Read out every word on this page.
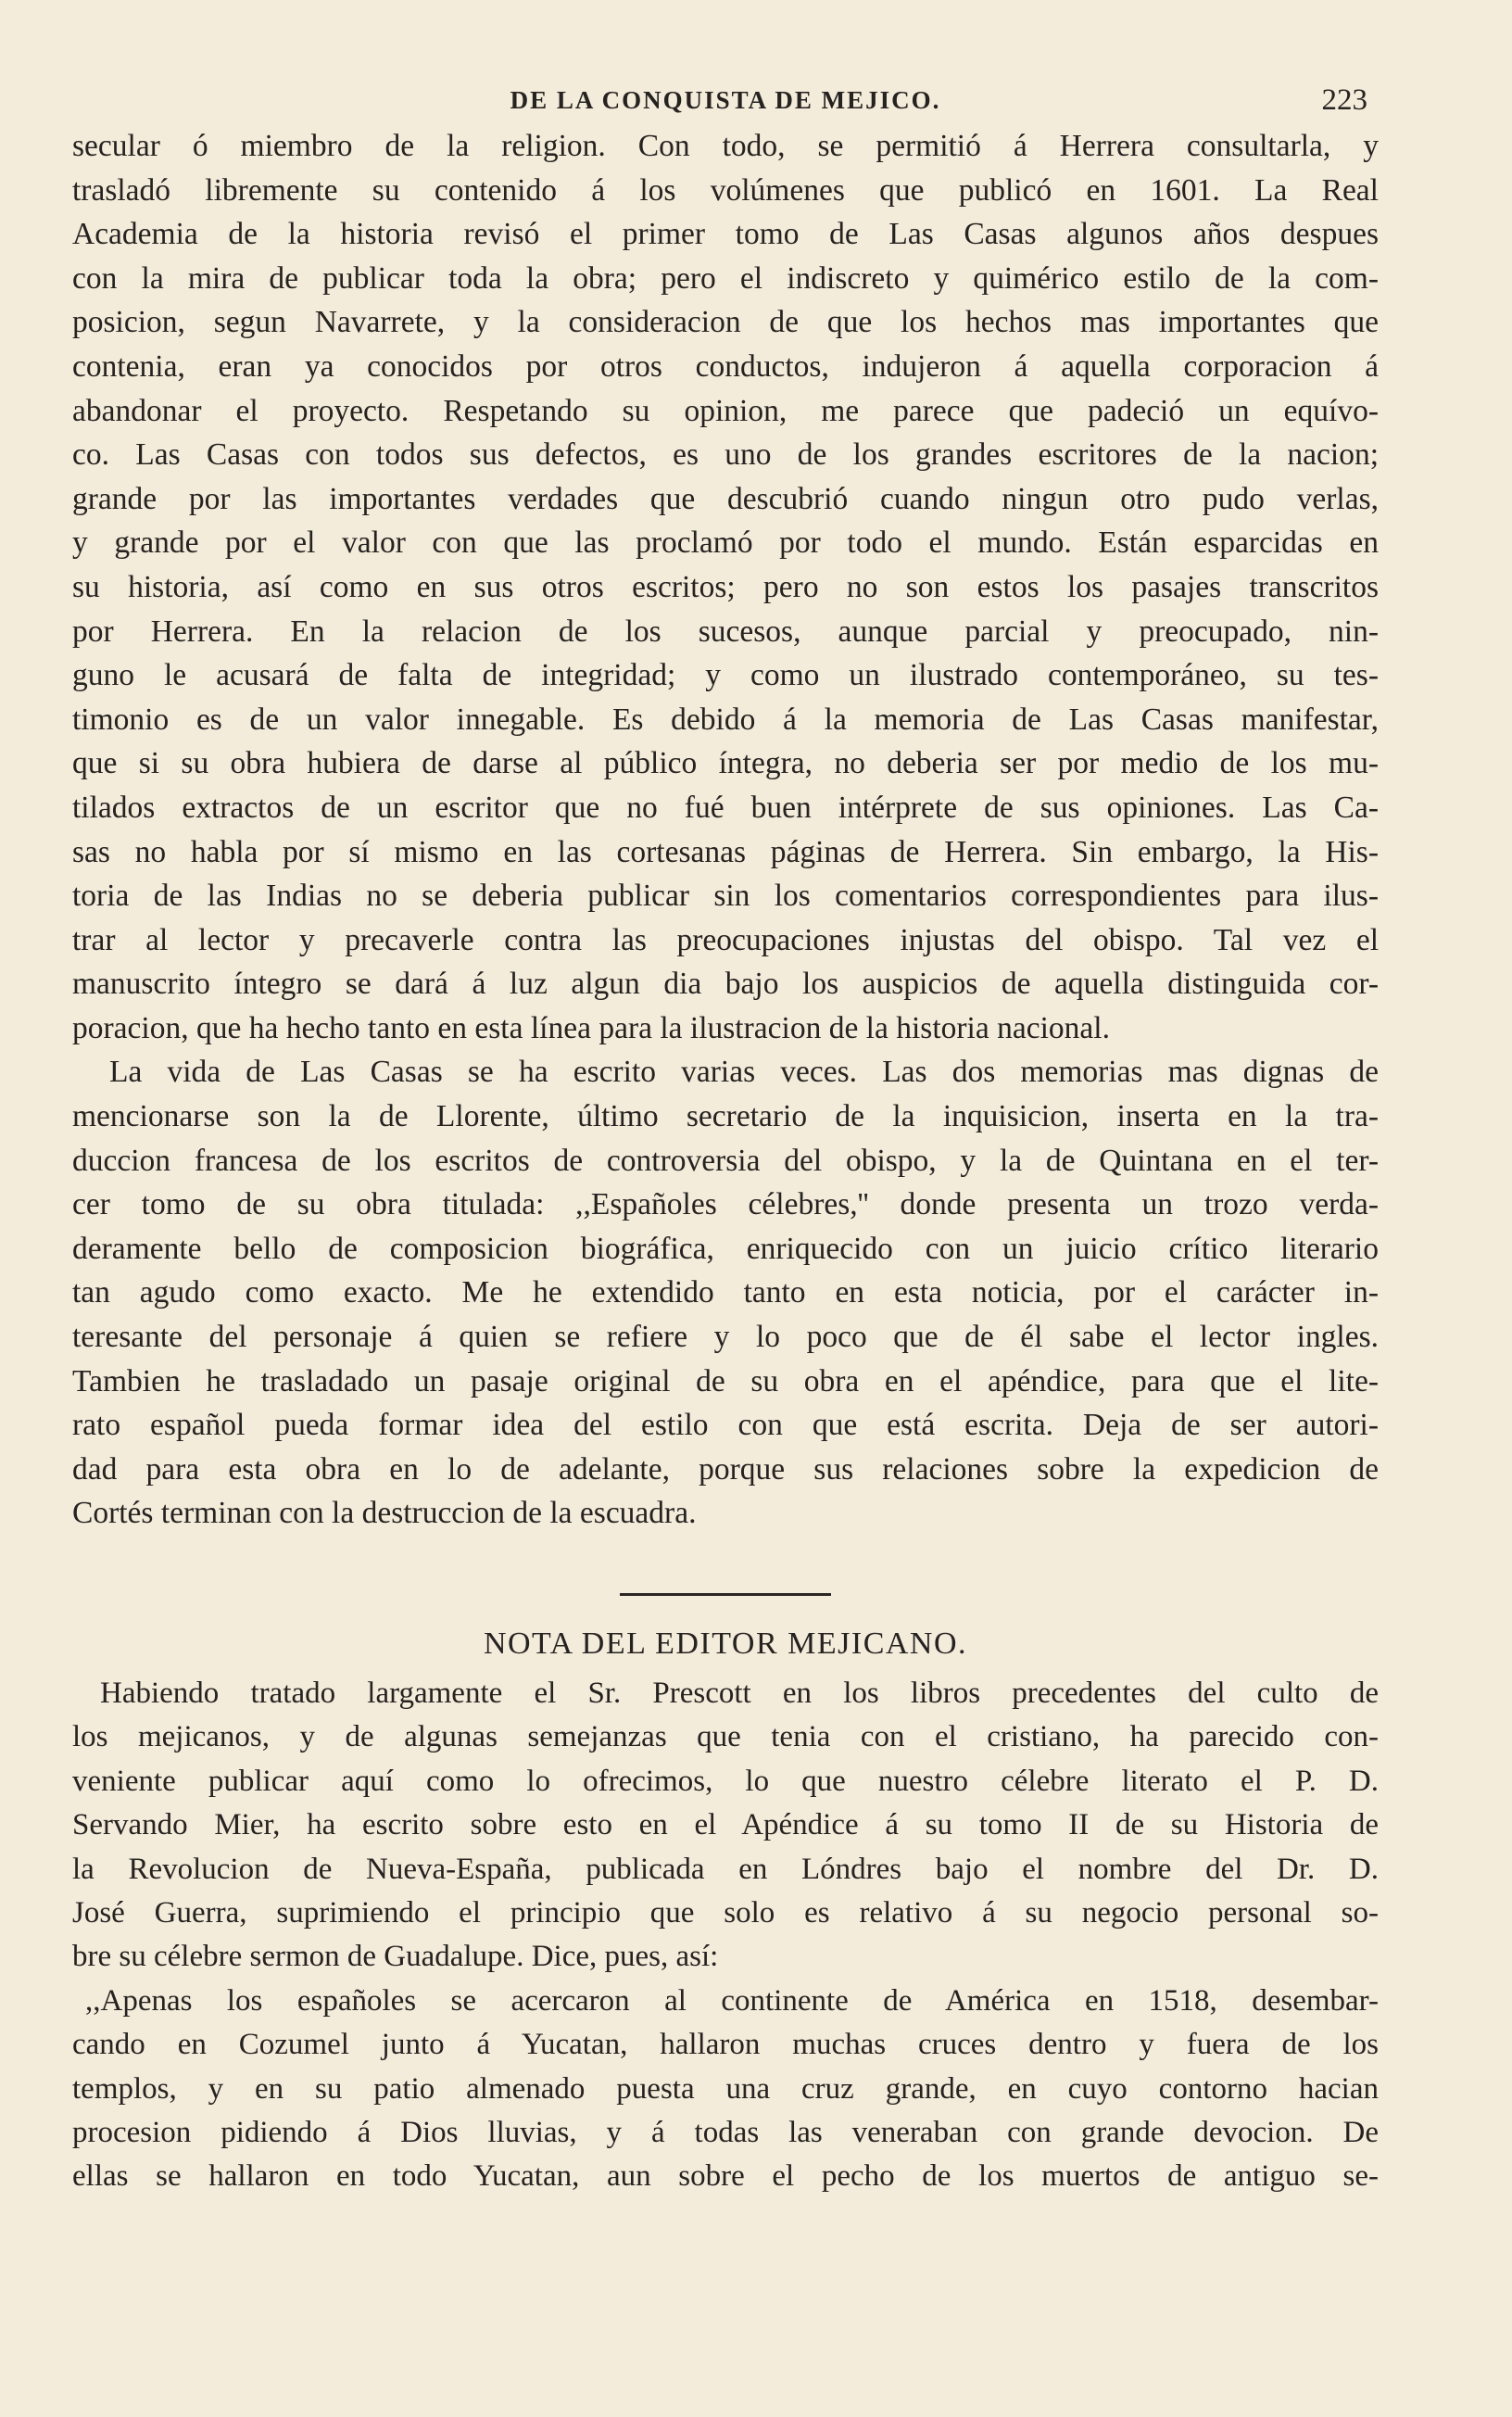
DE LA CONQUISTA DE MEJICO.	223

secular ó miembro de la religion. Con todo, se permitió á Herrera consultarla, y

trasladó libremente su contenido á los volúmenes que publicó en 1601. La Real

Academia de la historia revisó el primer tomo de Las Casas algunos años despues

con la mira de publicar toda la obra; pero el indiscreto y quimérico estilo de la com-

posicion, segun Navarrete, y la consideracion de que los hechos mas importantes que

contenia, eran ya conocidos por otros conductos, indujeron á aquella corporacion á

abandonar el proyecto. Respetando su opinion, me parece que padeció un equívo-

co. Las Casas con todos sus defectos, es uno de los grandes escritores de la nacion;

grande por las importantes verdades que descubrió cuando ningun otro pudo verlas,

y grande por el valor con que las proclamó por todo el mundo. Están esparcidas en

su historia, así como en sus otros escritos; pero no son estos los pasajes transcritos

por Herrera. En la relacion de los sucesos, aunque parcial y preocupado, nin-

guno le acusará de falta de integridad; y como un ilustrado contemporáneo, su tes-

timonio es de un valor innegable. Es debido á la memoria de Las Casas manifestar,

que si su obra hubiera de darse al público íntegra, no deberia ser por medio de los mu-

tilados extractos de un escritor que no fué buen intérprete de sus opiniones. Las Ca-

sas no habla por sí mismo en las cortesanas páginas de Herrera. Sin embargo, la His-

toria de las Indias no se deberia publicar sin los comentarios correspondientes para ilus-

trar al lector y precaverle contra las preocupaciones injustas del obispo. Tal vez el

manuscrito íntegro se dará á luz algun dia bajo los auspicios de aquella distinguida cor-

poracion, que ha hecho tanto en esta línea para la ilustracion de la historia nacional.

La vida de Las Casas se ha escrito varias veces. Las dos memorias mas dignas de

mencionarse son la de Llorente, último secretario de la inquisicion, inserta en la tra-

duccion francesa de los escritos de controversia del obispo, y la de Quintana en el ter-

cer tomo de su obra titulada: ,,Españoles célebres,'' donde presenta un trozo verda-

deramente bello de composicion biográfica, enriquecido con un juicio crítico literario

tan agudo como exacto. Me he extendido tanto en esta noticia, por el carácter in-

teresante del personaje á quien se refiere y lo poco que de él sabe el lector ingles.

Tambien he trasladado un pasaje original de su obra en el apéndice, para que el lite-

rato español pueda formar idea del estilo con que está escrita. Deja de ser autori-

dad para esta obra en lo de adelante, porque sus relaciones sobre la expedicion de

Cortés terminan con la destruccion de la escuadra.

NOTA DEL EDITOR MEJICANO.

Habiendo tratado largamente el Sr. Prescott en los libros precedentes del culto de

los mejicanos, y de algunas semejanzas que tenia con el cristiano, ha parecido con-

veniente publicar aquí como lo ofrecimos, lo que nuestro célebre literato el P. D.

Servando Mier, ha escrito sobre esto en el Apéndice á su tomo II de su Historia de

la Revolucion de Nueva-España, publicada en Lóndres bajo el nombre del Dr. D.

José Guerra, suprimiendo el principio que solo es relativo á su negocio personal so-

bre su célebre sermon de Guadalupe. Dice, pues, así:

,,Apenas los españoles se acercaron al continente de América en 1518, desembar-

cando en Cozumel junto á Yucatan, hallaron muchas cruces dentro y fuera de los

templos, y en su patio almenado puesta una cruz grande, en cuyo contorno hacian

procesion pidiendo á Dios lluvias, y á todas las veneraban con grande devocion. De

ellas se hallaron en todo Yucatan, aun sobre el pecho de los muertos de antiguo se-
